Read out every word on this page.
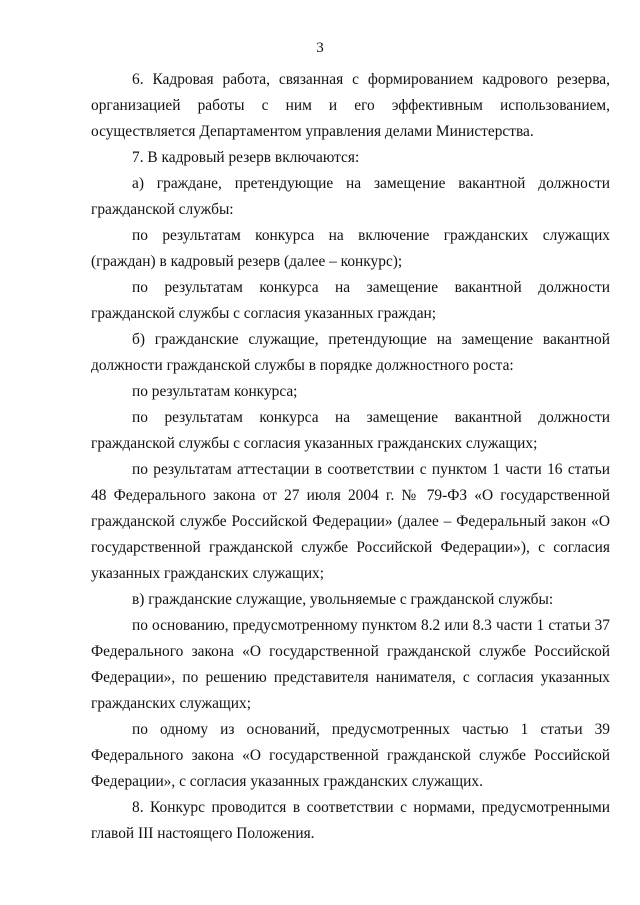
3

6. Кадровая работа, связанная с формированием кадрового резерва, организацией работы с ним и его эффективным использованием, осуществляется Департаментом управления делами Министерства.

7. В кадровый резерв включаются:

а) граждане, претендующие на замещение вакантной должности гражданской службы:

по результатам конкурса на включение гражданских служащих (граждан) в кадровый резерв (далее – конкурс);

по результатам конкурса на замещение вакантной должности гражданской службы с согласия указанных граждан;

б) гражданские служащие, претендующие на замещение вакантной должности гражданской службы в порядке должностного роста:

по результатам конкурса;

по результатам конкурса на замещение вакантной должности гражданской службы с согласия указанных гражданских служащих;

по результатам аттестации в соответствии с пунктом 1 части 16 статьи 48 Федерального закона от 27 июля 2004 г. № 79-ФЗ «О государственной гражданской службе Российской Федерации» (далее – Федеральный закон «О государственной гражданской службе Российской Федерации»), с согласия указанных гражданских служащих;

в) гражданские служащие, увольняемые с гражданской службы:

по основанию, предусмотренному пунктом 8.2 или 8.3 части 1 статьи 37 Федерального закона «О государственной гражданской службе Российской Федерации», по решению представителя нанимателя, с согласия указанных гражданских служащих;

по одному из оснований, предусмотренных частью 1 статьи 39 Федерального закона «О государственной гражданской службе Российской Федерации», с согласия указанных гражданских служащих.

8. Конкурс проводится в соответствии с нормами, предусмотренными главой III настоящего Положения.
